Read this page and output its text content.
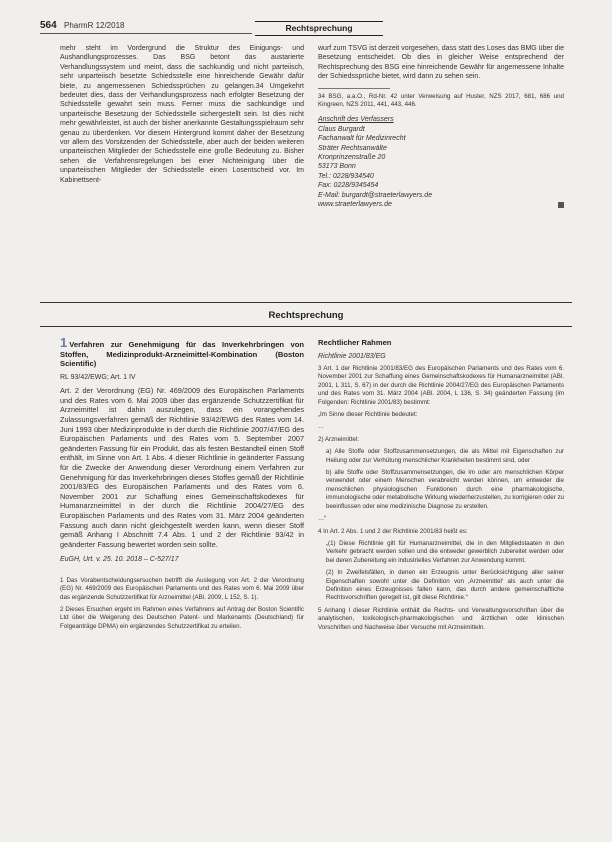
564 PharmR 12/2018	Rechtsprechung

mehr steht im Vordergrund die Struktur des Einigungs- und Aushandlungsprozesses. Das BSG betont das austarierte Verhandlungssystem und meint, dass die sachkundig und nicht parteiisch, sehr unparteiisch besetzte Schiedsstelle eine hinreichende Gewähr dafür biete, zu angemessenen Schiedssprüchen zu gelangen.34 Umgekehrt bedeutet dies, dass der Verhandlungsprozess nach erfolgter Besetzung der Schiedsstelle gewahrt sein muss. Ferner muss die sachkundige und unparteiische Besetzung der Schiedsstelle sichergestellt sein. Ist dies nicht mehr gewährleistet, ist auch der bisher anerkannte Gestaltungsspielraum sehr genau zu überdenken. Vor diesem Hintergrund kommt daher der Besetzung vor allem des Vorsitzenden der Schiedsstelle, aber auch der beiden weiteren unparteiischen Mitglieder der Schiedsstelle eine große Bedeutung zu. Bisher sehen die Verfahrensregelungen bei einer Nichteinigung über die unparteiischen Mitglieder der Schiedsstelle einen Losentscheid vor. Im Kabinettsent-

wurf zum TSVG ist derzeit vorgesehen, dass statt des Loses das BMG über die Besetzung entscheidet. Ob dies in gleicher Weise entsprechend der Rechtsprechung des BSG eine hinreichende Gewähr für angemessene Inhalte der Schiedssprüche bietet, wird dann zu sehen sein.

34 BSG, a.a.O., Rd-Nr. 42 unter Verweisung auf Huster, NZS 2017, 681, 686 und Kingreen, NZS 2011, 441, 443, 446.

Anschrift des Verfassers
Claus Burgardt
Fachanwalt für Medizinrecht
Sträter Rechtsanwälte
Kronprinzenstraße 20
53173 Bonn
Tel.: 0228/934540
Fax: 0228/9345454
E-Mail: burgardt@straeterlawyers.de
www.straeterlawyers.de
Rechtsprechung
1 Verfahren zur Genehmigung für das Inverkehrbringen von Stoffen, Medizinprodukt-Arzneimittel-Kombination (Boston Scientific)

RL 93/42/EWG; Art. 1 IV

Art. 2 der Verordnung (EG) Nr. 469/2009 des Europäischen Parlaments und des Rates vom 6. Mai 2009 über das ergänzende Schutzzertifikat für Arzneimittel ist dahin auszulegen, dass ein vorangehendes Zulassungsverfahren gemäß der Richtlinie 93/42/EWG des Rates vom 14. Juni 1993 über Medizinprodukte in der durch die Richtlinie 2007/47/EG des Europäischen Parlaments und des Rates vom 5. September 2007 geänderten Fassung für ein Produkt, das als festen Bestandteil einen Stoff enthält, im Sinne von Art. 1 Abs. 4 dieser Richtlinie in geänderter Fassung für die Zwecke der Anwendung dieser Verordnung einem Verfahren zur Genehmigung für das Inverkehrbringen dieses Stoffes gemäß der Richtlinie 2001/83/EG des Europäischen Parlaments und des Rates vom 6. November 2001 zur Schaffung eines Gemeinschaftskodexes für Humanarzneimittel in der durch die Richtlinie 2004/27/EG des Europäischen Parlaments und des Rates vom 31. März 2004 geänderten Fassung auch dann nicht gleichgestellt werden kann, wenn dieser Stoff gemäß Anhang I Abschnitt 7.4 Abs. 1 und 2 der Richtlinie 93/42 in geänderter Fassung bewertet worden sein sollte.

EuGH, Urt. v. 25. 10. 2018 – C-527/17

1 Das Vorabentscheidungsersuchen betrifft die Auslegung von Art. 2 der Verordnung (EG) Nr. 469/2009 des Europäischen Parlaments und des Rates vom 6. Mai 2009 über das ergänzende Schutzzertifikat für Arzneimittel (ABl. 2009, L 152, S. 1).

2 Dieses Ersuchen ergeht im Rahmen eines Verfahrens auf Antrag der Boston Scientific Ltd über die Weigerung des Deutschen Patent- und Markenamts (Deutschland) für Folgeanträge DPMA) ein ergänzendes Schutzzertifikat zu erteilen.

Rechtlicher Rahmen

Richtlinie 2001/83/EG

3 Art. 1 der Richtlinie 2001/83/EG des Europäischen Parlaments und des Rates vom 6. November 2001 zur Schaffung eines Gemeinschaftskodexes für Humanarzneimittel (ABl. 2001, L 311, S. 67) in der durch die Richtlinie 2004/27/EG des Europäischen Parlaments und des Rates vom 31. März 2004 (ABl. 2004, L 136, S. 34) geänderten Fassung (im Folgenden: Richtlinie 2001/83) bestimmt:

„Im Sinne dieser Richtlinie bedeutet:

…

2) Arzneimittel:

a) Alle Stoffe oder Stoffzusammensetzungen, die als Mittel mit Eigenschaften zur Heilung oder zur Verhütung menschlicher Krankheiten bestimmt sind, oder

b) alle Stoffe oder Stoffzusammensetzungen, die im oder am menschlichen Körper verwendet oder einem Menschen verabreicht werden können, um entweder die menschlichen physiologischen Funktionen durch eine pharmakologische, immunologische oder metabolische Wirkung wiederherzustellen, zu korrigieren oder zu beeinflussen oder eine medizinische Diagnose zu erstellen.

…“

4 In Art. 2 Abs. 1 und 2 der Richtlinie 2001/83 heißt es:

„(1) Diese Richtlinie gilt für Humanarzneimittel, die in den Mitgliedstaaten in den Verkehr gebracht werden sollen und die entweder gewerblich zubereitet werden oder bei deren Zubereitung ein industrielles Verfahren zur Anwendung kommt.

(2) In Zweifelsfällen, in denen ein Erzeugnis unter Berücksichtigung aller seiner Eigenschaften sowohl unter die Definition von ‚Arzneimittel‘ als auch unter die Definition eines Erzeugnisses fallen kann, das durch andere gemeinschaftliche Rechtsvorschriften geregelt ist, gilt diese Richtlinie.“

5 Anhang I dieser Richtlinie enthält die Rechts- und Verwaltungsvorschriften über die analytischen, toxikologisch-pharmakologischen und ärztlichen oder klinischen Vorschriften und Nachweise über Versuche mit Arzneimitteln.
